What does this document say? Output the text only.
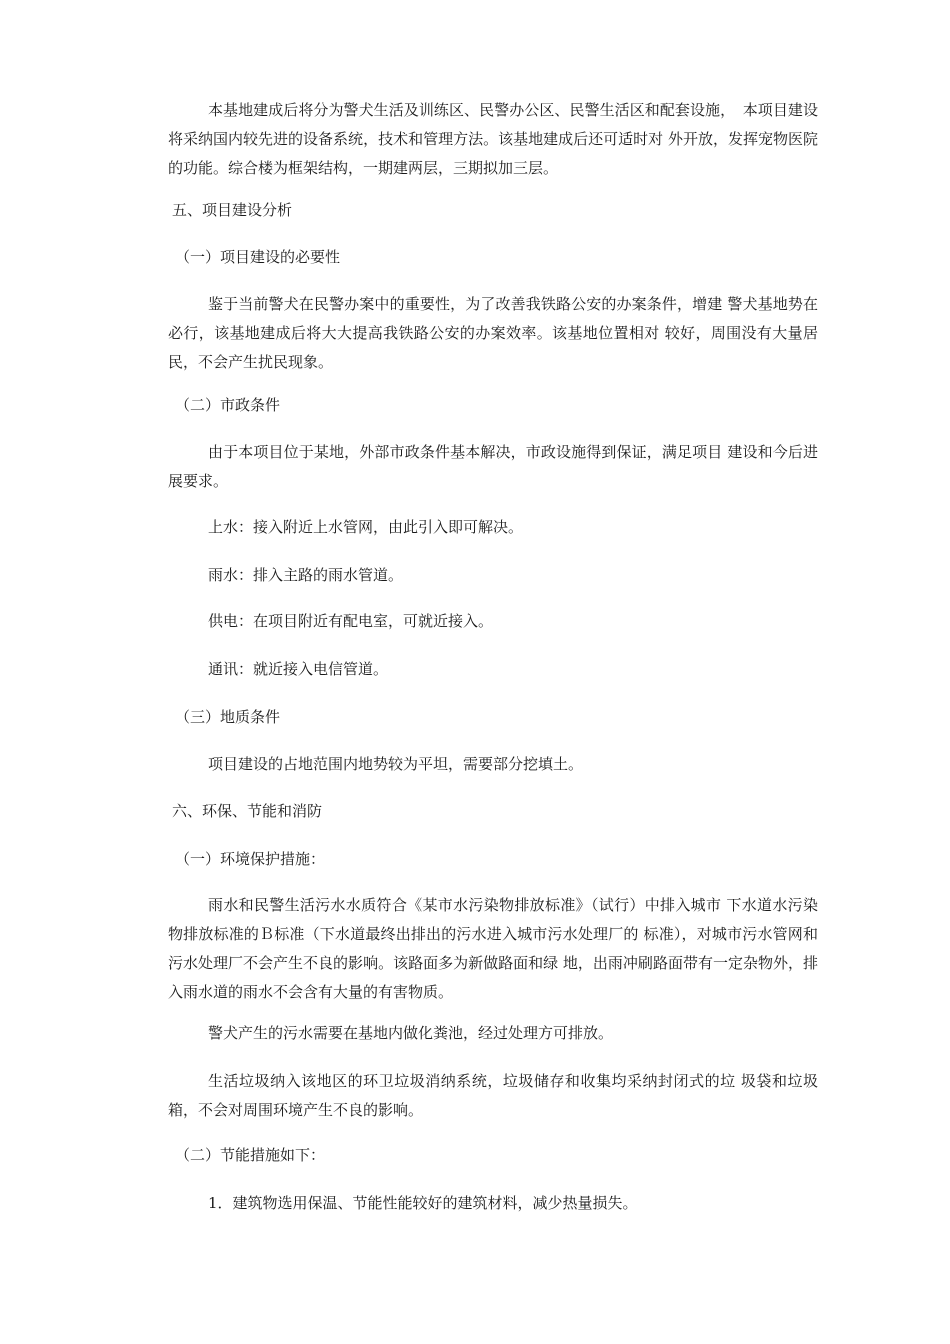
本基地建成后将分为警犬生活及训练区、民警办公区、民警生活区和配套设施，　本项目建设将采纳国内较先进的设备系统，技术和管理方法。该基地建成后还可适时对 外开放，发挥宠物医院的功能。综合楼为框架结构，一期建两层，三期拟加三层。

五、项目建设分析

（一）项目建设的必要性

鉴于当前警犬在民警办案中的重要性，为了改善我铁路公安的办案条件，增建 警犬基地势在必行，该基地建成后将大大提高我铁路公安的办案效率。该基地位置相对 较好，周围没有大量居民，不会产生扰民现象。

（二）市政条件

由于本项目位于某地，外部市政条件基本解决，市政设施得到保证，满足项目 建设和今后进展要求。

上水：接入附近上水管网，由此引入即可解决。

雨水：排入主路的雨水管道。

供电：在项目附近有配电室，可就近接入。

通讯：就近接入电信管道。

（三）地质条件

项目建设的占地范围内地势较为平坦，需要部分挖填土。

六、环保、节能和消防

（一）环境保护措施：

雨水和民警生活污水水质符合《某市水污染物排放标准》（试行）中排入城市 下水道水污染物排放标准的Ｂ标准（下水道最终出排出的污水进入城市污水处理厂的 标准），对城市污水管网和污水处理厂不会产生不良的影响。该路面多为新做路面和绿 地，出雨冲刷路面带有一定杂物外，排入雨水道的雨水不会含有大量的有害物质。

警犬产生的污水需要在基地内做化粪池，经过处理方可排放。

生活垃圾纳入该地区的环卫垃圾消纳系统，垃圾储存和收集均采纳封闭式的垃 圾袋和垃圾箱，不会对周围环境产生不良的影响。

（二）节能措施如下：

1．建筑物选用保温、节能性能较好的建筑材料，减少热量损失。
